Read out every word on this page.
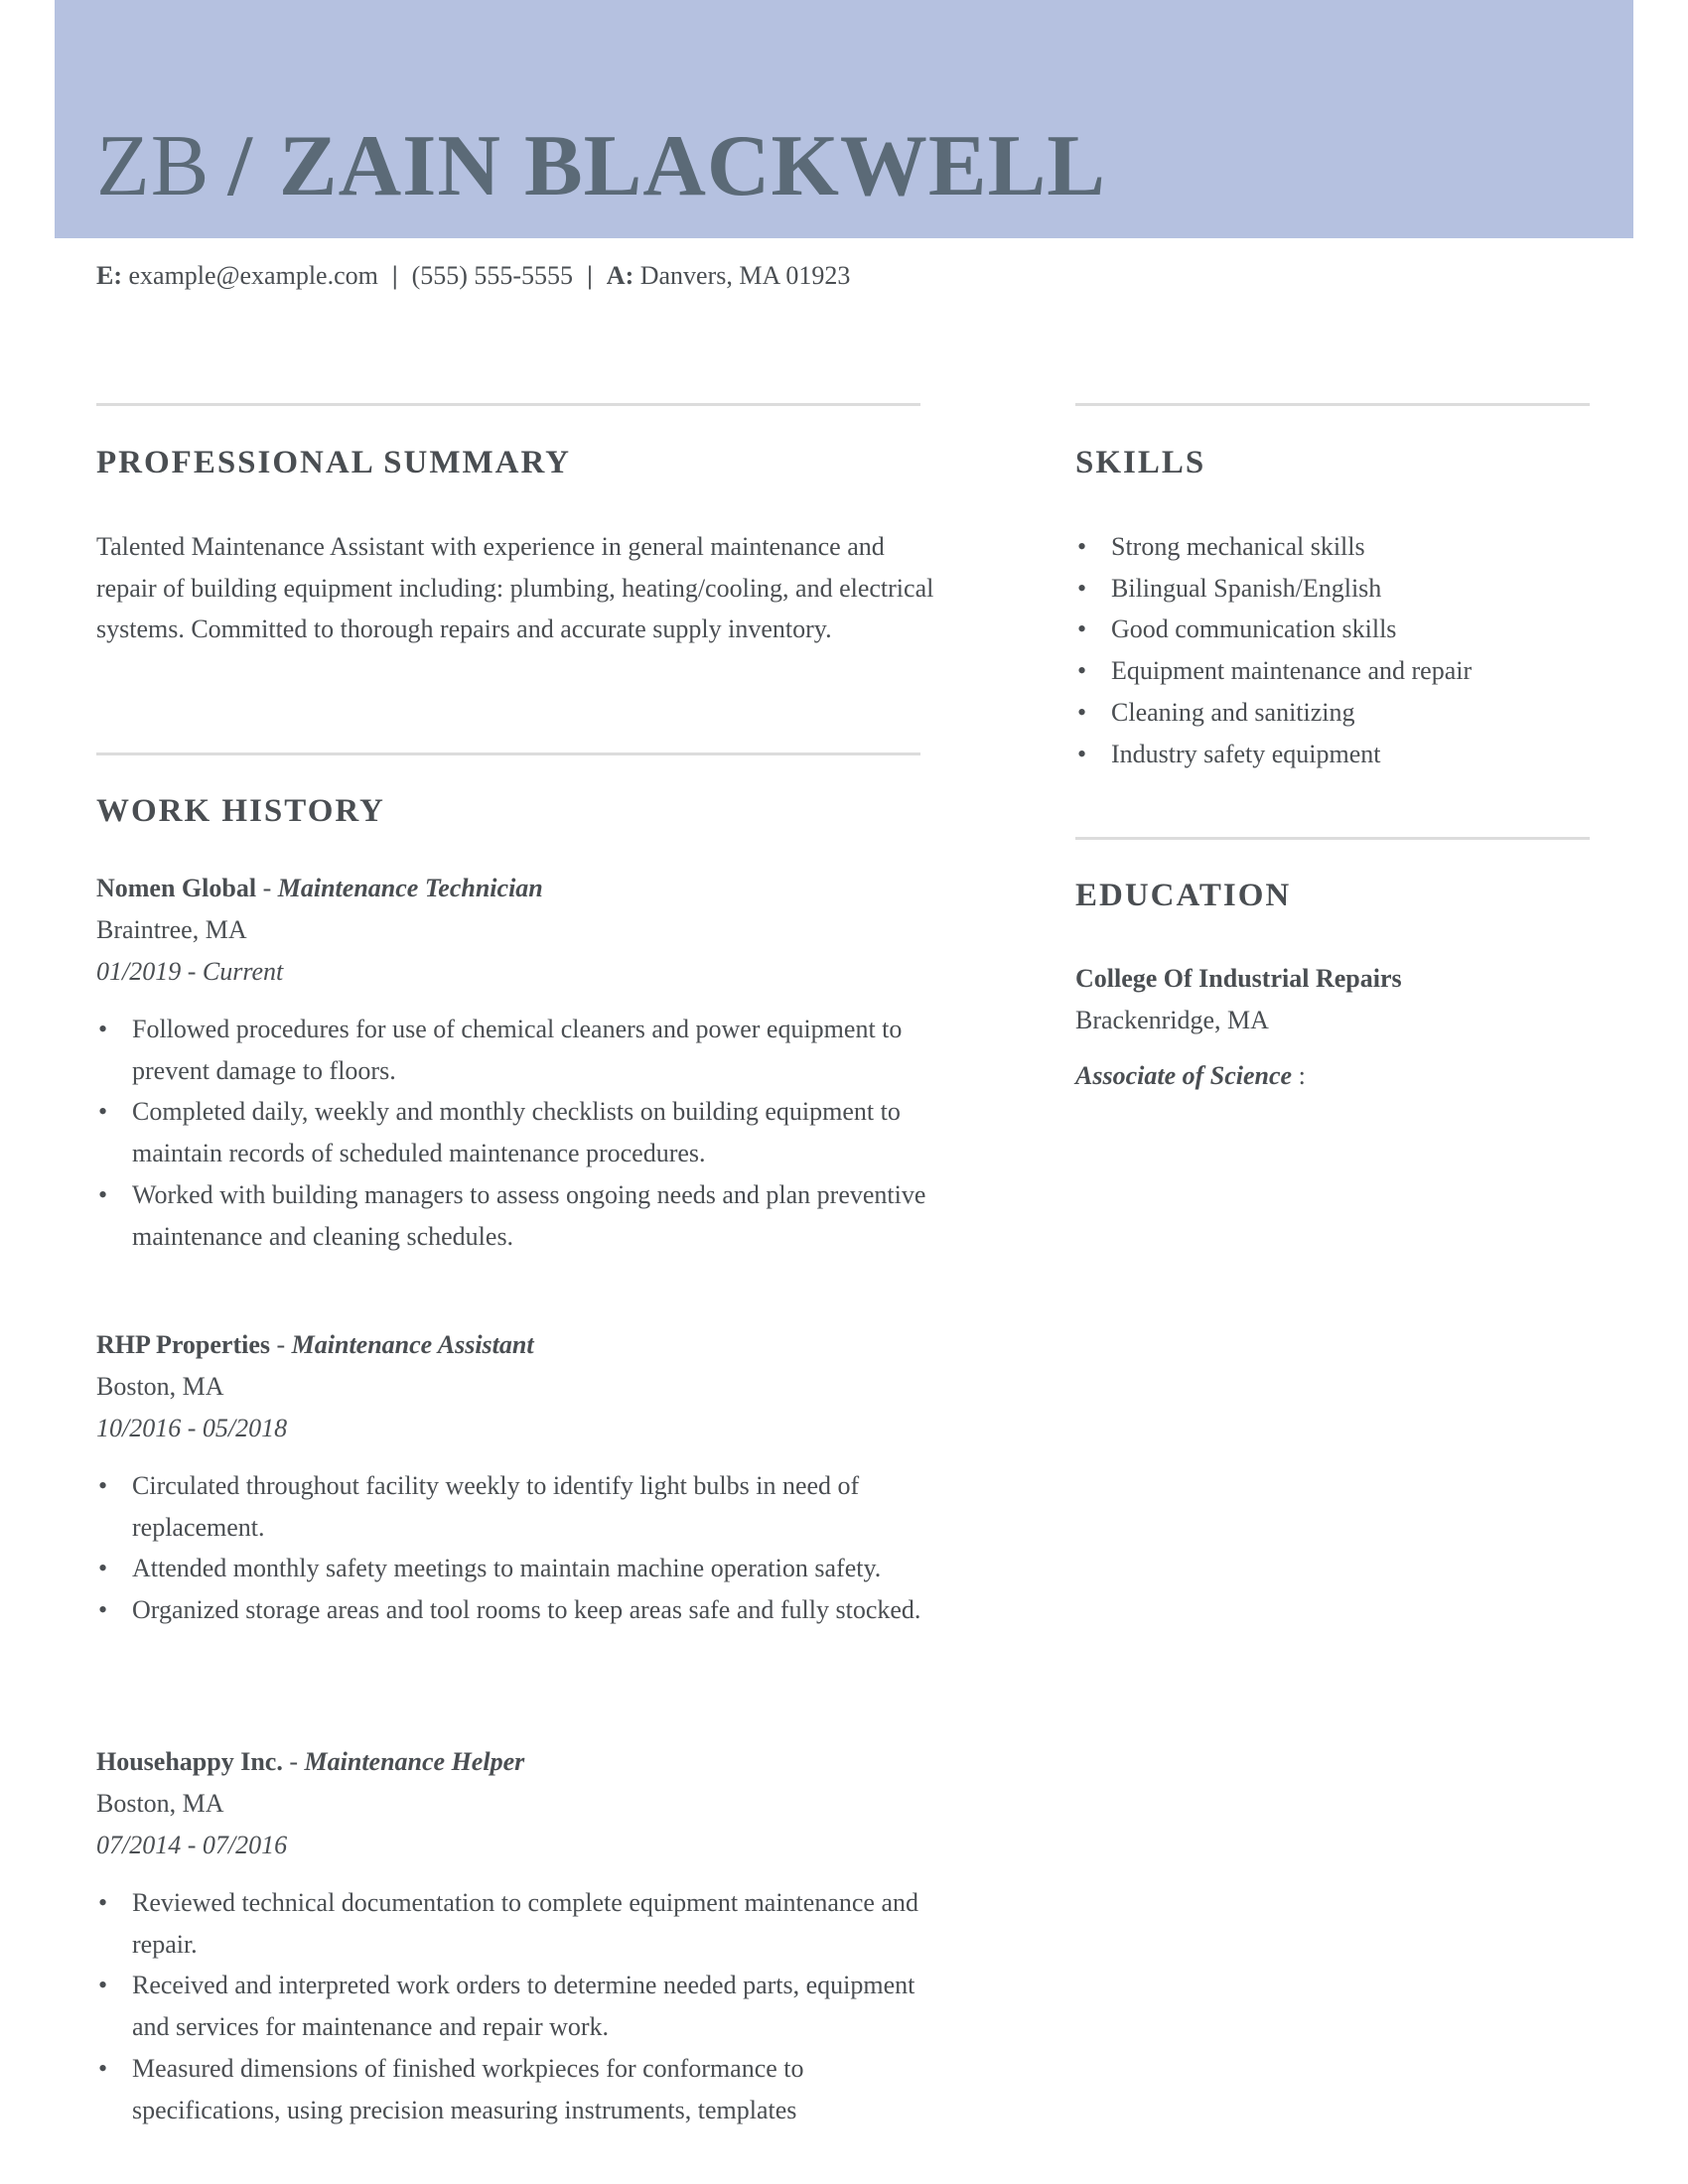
ZB / ZAIN BLACKWELL
E: example@example.com | (555) 555-5555 | A: Danvers, MA 01923
PROFESSIONAL SUMMARY

Talented Maintenance Assistant with experience in general maintenance and repair of building equipment including: plumbing, heating/cooling, and electrical systems. Committed to thorough repairs and accurate supply inventory.

WORK HISTORY
Nomen Global - Maintenance Technician
Braintree, MA
01/2019 - Current
• Followed procedures for use of chemical cleaners and power equipment to prevent damage to floors.
• Completed daily, weekly and monthly checklists on building equipment to maintain records of scheduled maintenance procedures.
• Worked with building managers to assess ongoing needs and plan preventive maintenance and cleaning schedules.
RHP Properties - Maintenance Assistant
Boston, MA
10/2016 - 05/2018
• Circulated throughout facility weekly to identify light bulbs in need of replacement.
• Attended monthly safety meetings to maintain machine operation safety.
• Organized storage areas and tool rooms to keep areas safe and fully stocked.
Househappy Inc. - Maintenance Helper
Boston, MA
07/2014 - 07/2016
• Reviewed technical documentation to complete equipment maintenance and repair.
• Received and interpreted work orders to determine needed parts, equipment and services for maintenance and repair work.
• Measured dimensions of finished workpieces for conformance to specifications, using precision measuring instruments, templates
SKILLS
• Strong mechanical skills
• Bilingual Spanish/English
• Good communication skills
• Equipment maintenance and repair
• Cleaning and sanitizing
• Industry safety equipment
EDUCATION
College Of Industrial Repairs
Brackenridge, MA
Associate of Science :
